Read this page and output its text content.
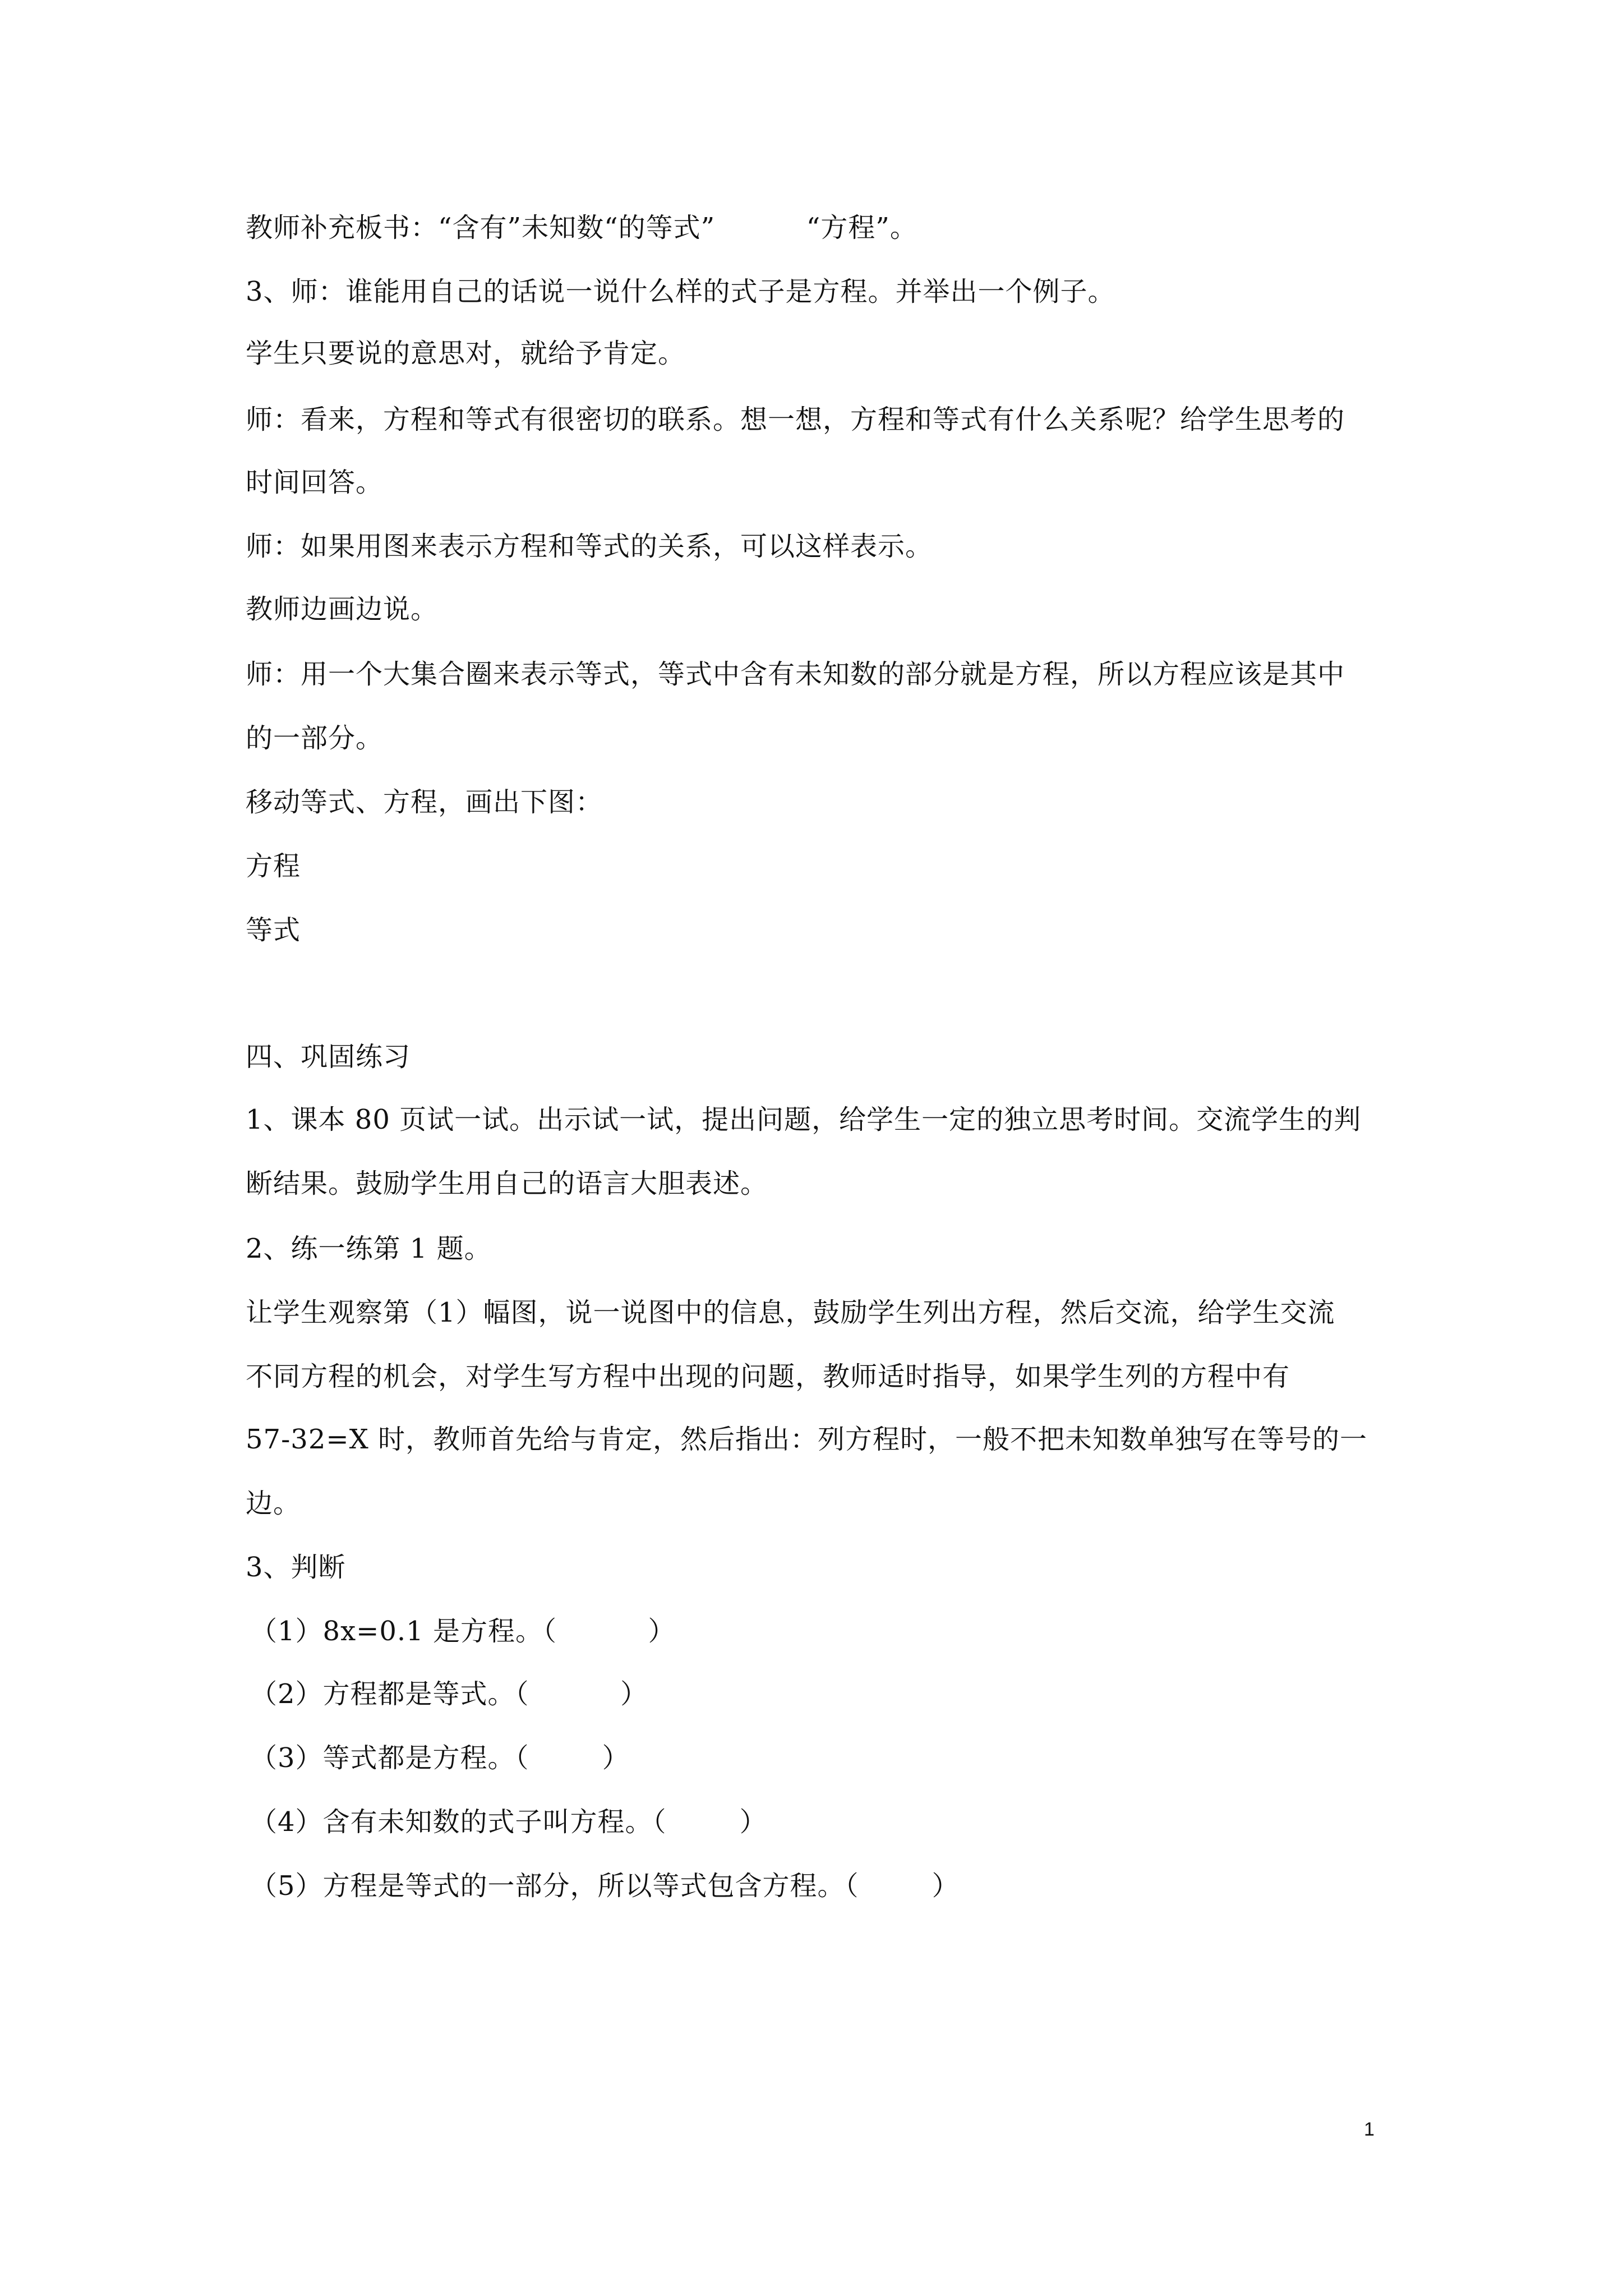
教师补充板书：“含有”未知数“的等式”          “方程”。
3、师：谁能用自己的话说一说什么样的式子是方程。并举出一个例子。
学生只要说的意思对，就给予肯定。
师：看来，方程和等式有很密切的联系。想一想，方程和等式有什么关系呢？给学生思考的
时间回答。
师：如果用图来表示方程和等式的关系，可以这样表示。
教师边画边说。
师：用一个大集合圈来表示等式，等式中含有未知数的部分就是方程，所以方程应该是其中
的一部分。
移动等式、方程，画出下图：
方程
等式
四、巩固练习
1、课本 80 页试一试。出示试一试，提出问题，给学生一定的独立思考时间。交流学生的判
断结果。鼓励学生用自己的语言大胆表述。
2、练一练第 1 题。
让学生观察第（1）幅图，说一说图中的信息，鼓励学生列出方程，然后交流，给学生交流
不同方程的机会，对学生写方程中出现的问题，教师适时指导，如果学生列的方程中有
57-32=X 时，教师首先给与肯定，然后指出：列方程时，一般不把未知数单独写在等号的一
边。
3、判断
（1）8x=0.1 是方程。（          ）
（2）方程都是等式。（          ）
（3）等式都是方程。（        ）
（4）含有未知数的式子叫方程。（        ）
（5）方程是等式的一部分，所以等式包含方程。（        ）
1
